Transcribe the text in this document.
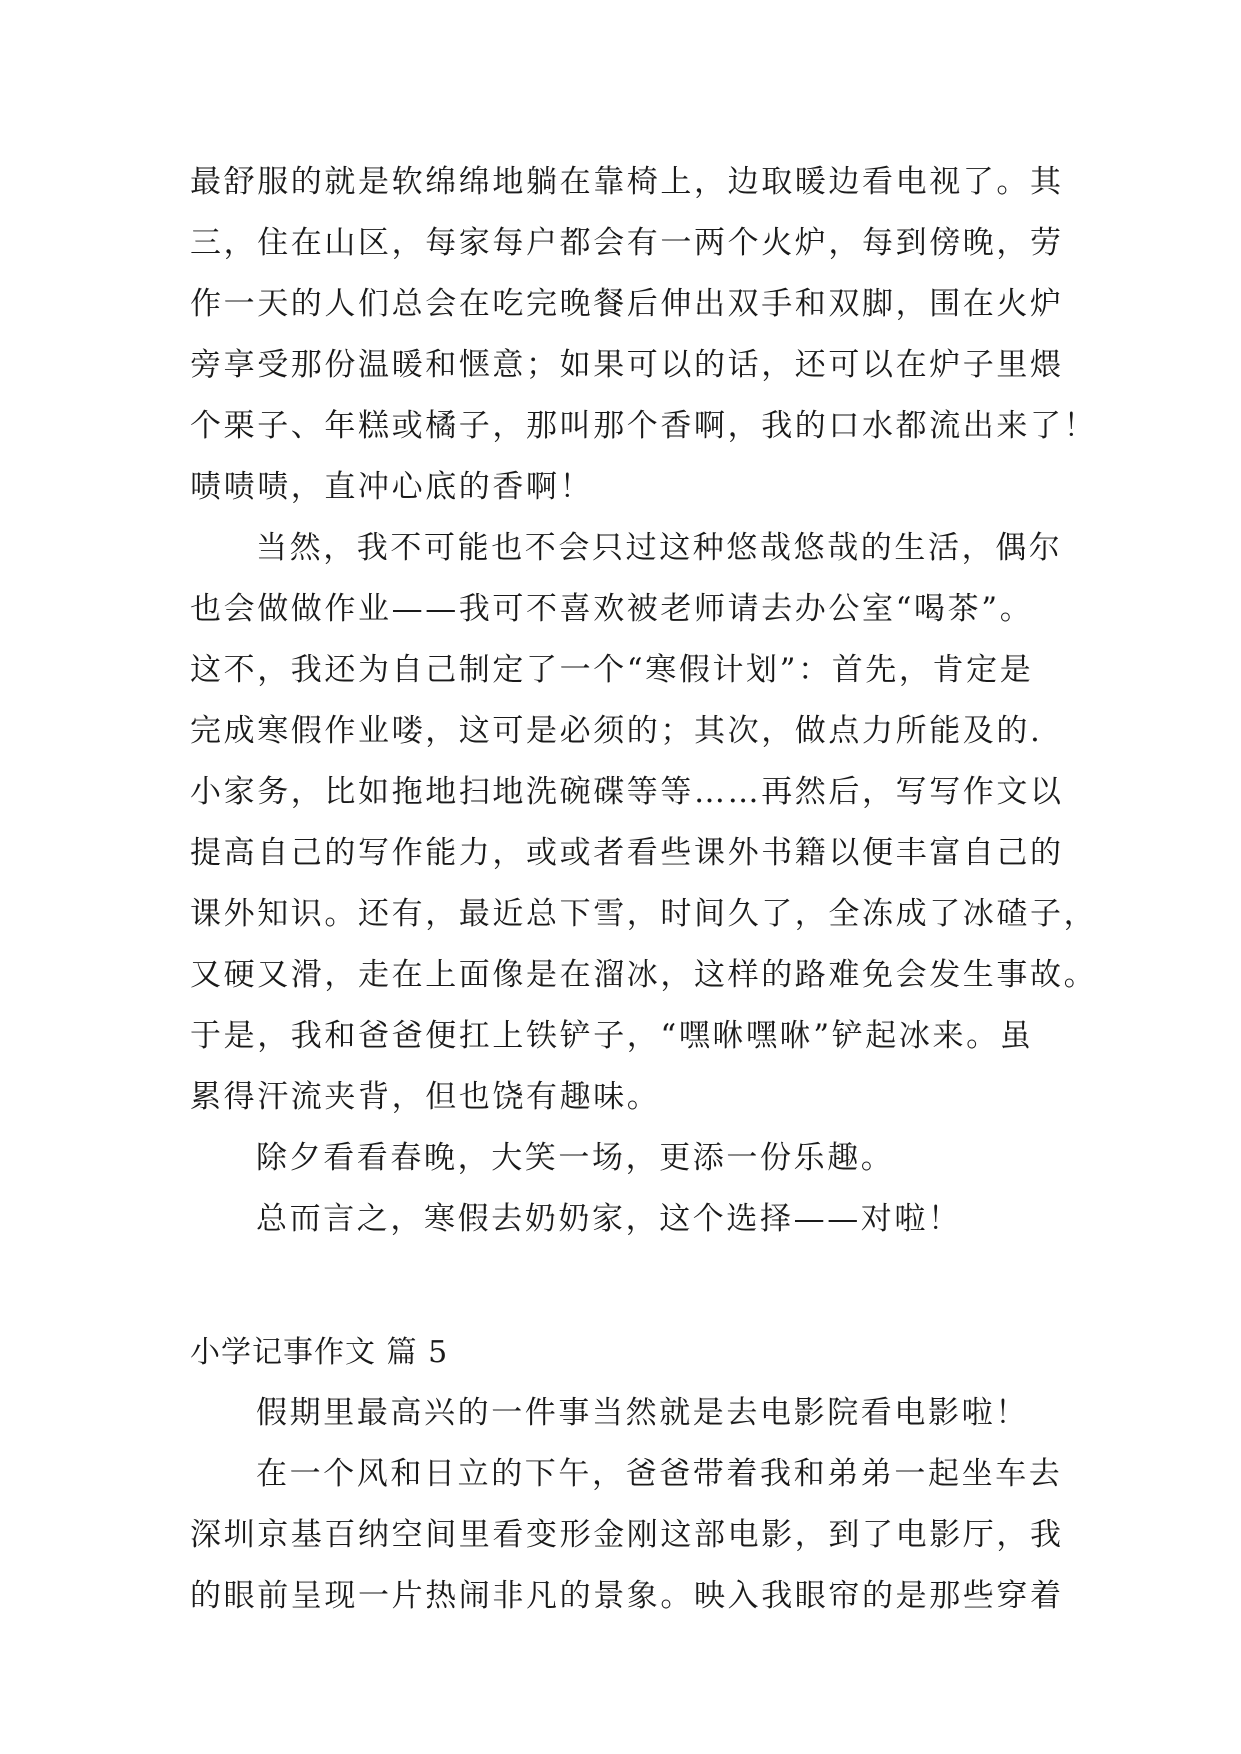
最舒服的就是软绵绵地躺在靠椅上，边取暖边看电视了。其
三，住在山区，每家每户都会有一两个火炉，每到傍晚，劳
作一天的人们总会在吃完晚餐后伸出双手和双脚，围在火炉
旁享受那份温暖和惬意；如果可以的话，还可以在炉子里煨
个栗子、年糕或橘子，那叫那个香啊，我的口水都流出来了！
啧啧啧，直冲心底的香啊！
当然，我不可能也不会只过这种悠哉悠哉的生活，偶尔
也会做做作业——我可不喜欢被老师请去办公室“喝茶”。
这不，我还为自己制定了一个“寒假计划”：首先，肯定是
完成寒假作业喽，这可是必须的；其次，做点力所能及的.
小家务，比如拖地扫地洗碗碟等等……再然后，写写作文以
提高自己的写作能力，或或者看些课外书籍以便丰富自己的
课外知识。还有，最近总下雪，时间久了，全冻成了冰碴子，
又硬又滑，走在上面像是在溜冰，这样的路难免会发生事故。
于是，我和爸爸便扛上铁铲子，“嘿咻嘿咻”铲起冰来。虽
累得汗流夹背，但也饶有趣味。
除夕看看春晚，大笑一场，更添一份乐趣。
总而言之，寒假去奶奶家，这个选择——对啦！
小学记事作文 篇 5
假期里最高兴的一件事当然就是去电影院看电影啦！
在一个风和日立的下午，爸爸带着我和弟弟一起坐车去
深圳京基百纳空间里看变形金刚这部电影，到了电影厅，我
的眼前呈现一片热闹非凡的景象。映入我眼帘的是那些穿着
